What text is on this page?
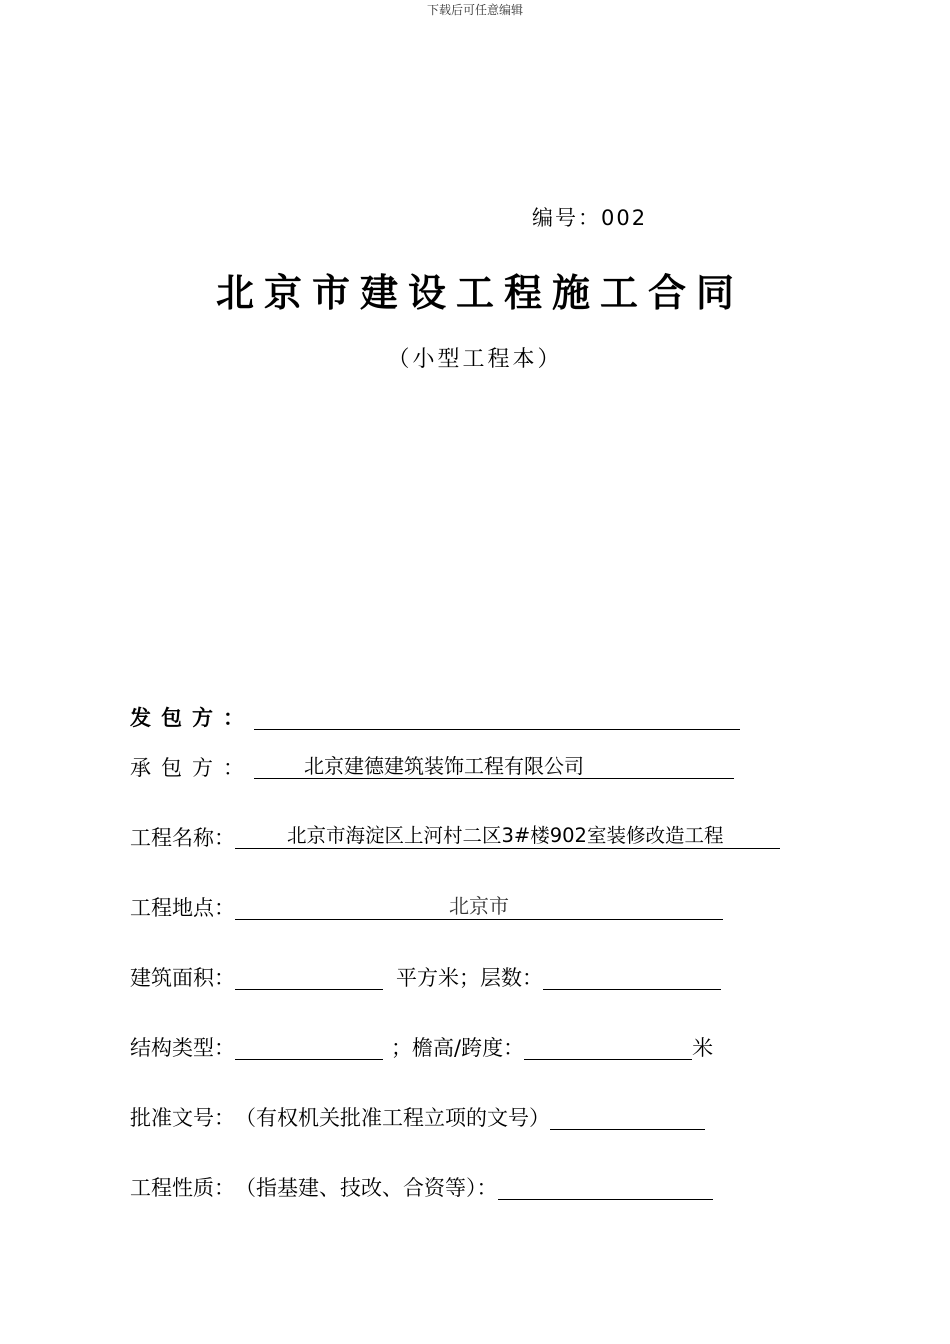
下载后可任意编辑
编号：002
北京市建设工程施工合同
（小型工程本）
发包方：
承包方：	北京建德建筑装饰工程有限公司
工程名称：	北京市海淀区上河村二区3#楼902室装修改造工程
工程地点：	北京市
建筑面积：	平方米；层数：
结构类型：	；檐高/跨度：	米
批准文号：（有权机关批准工程立项的文号）
工程性质：（指基建、技改、合资等）：
